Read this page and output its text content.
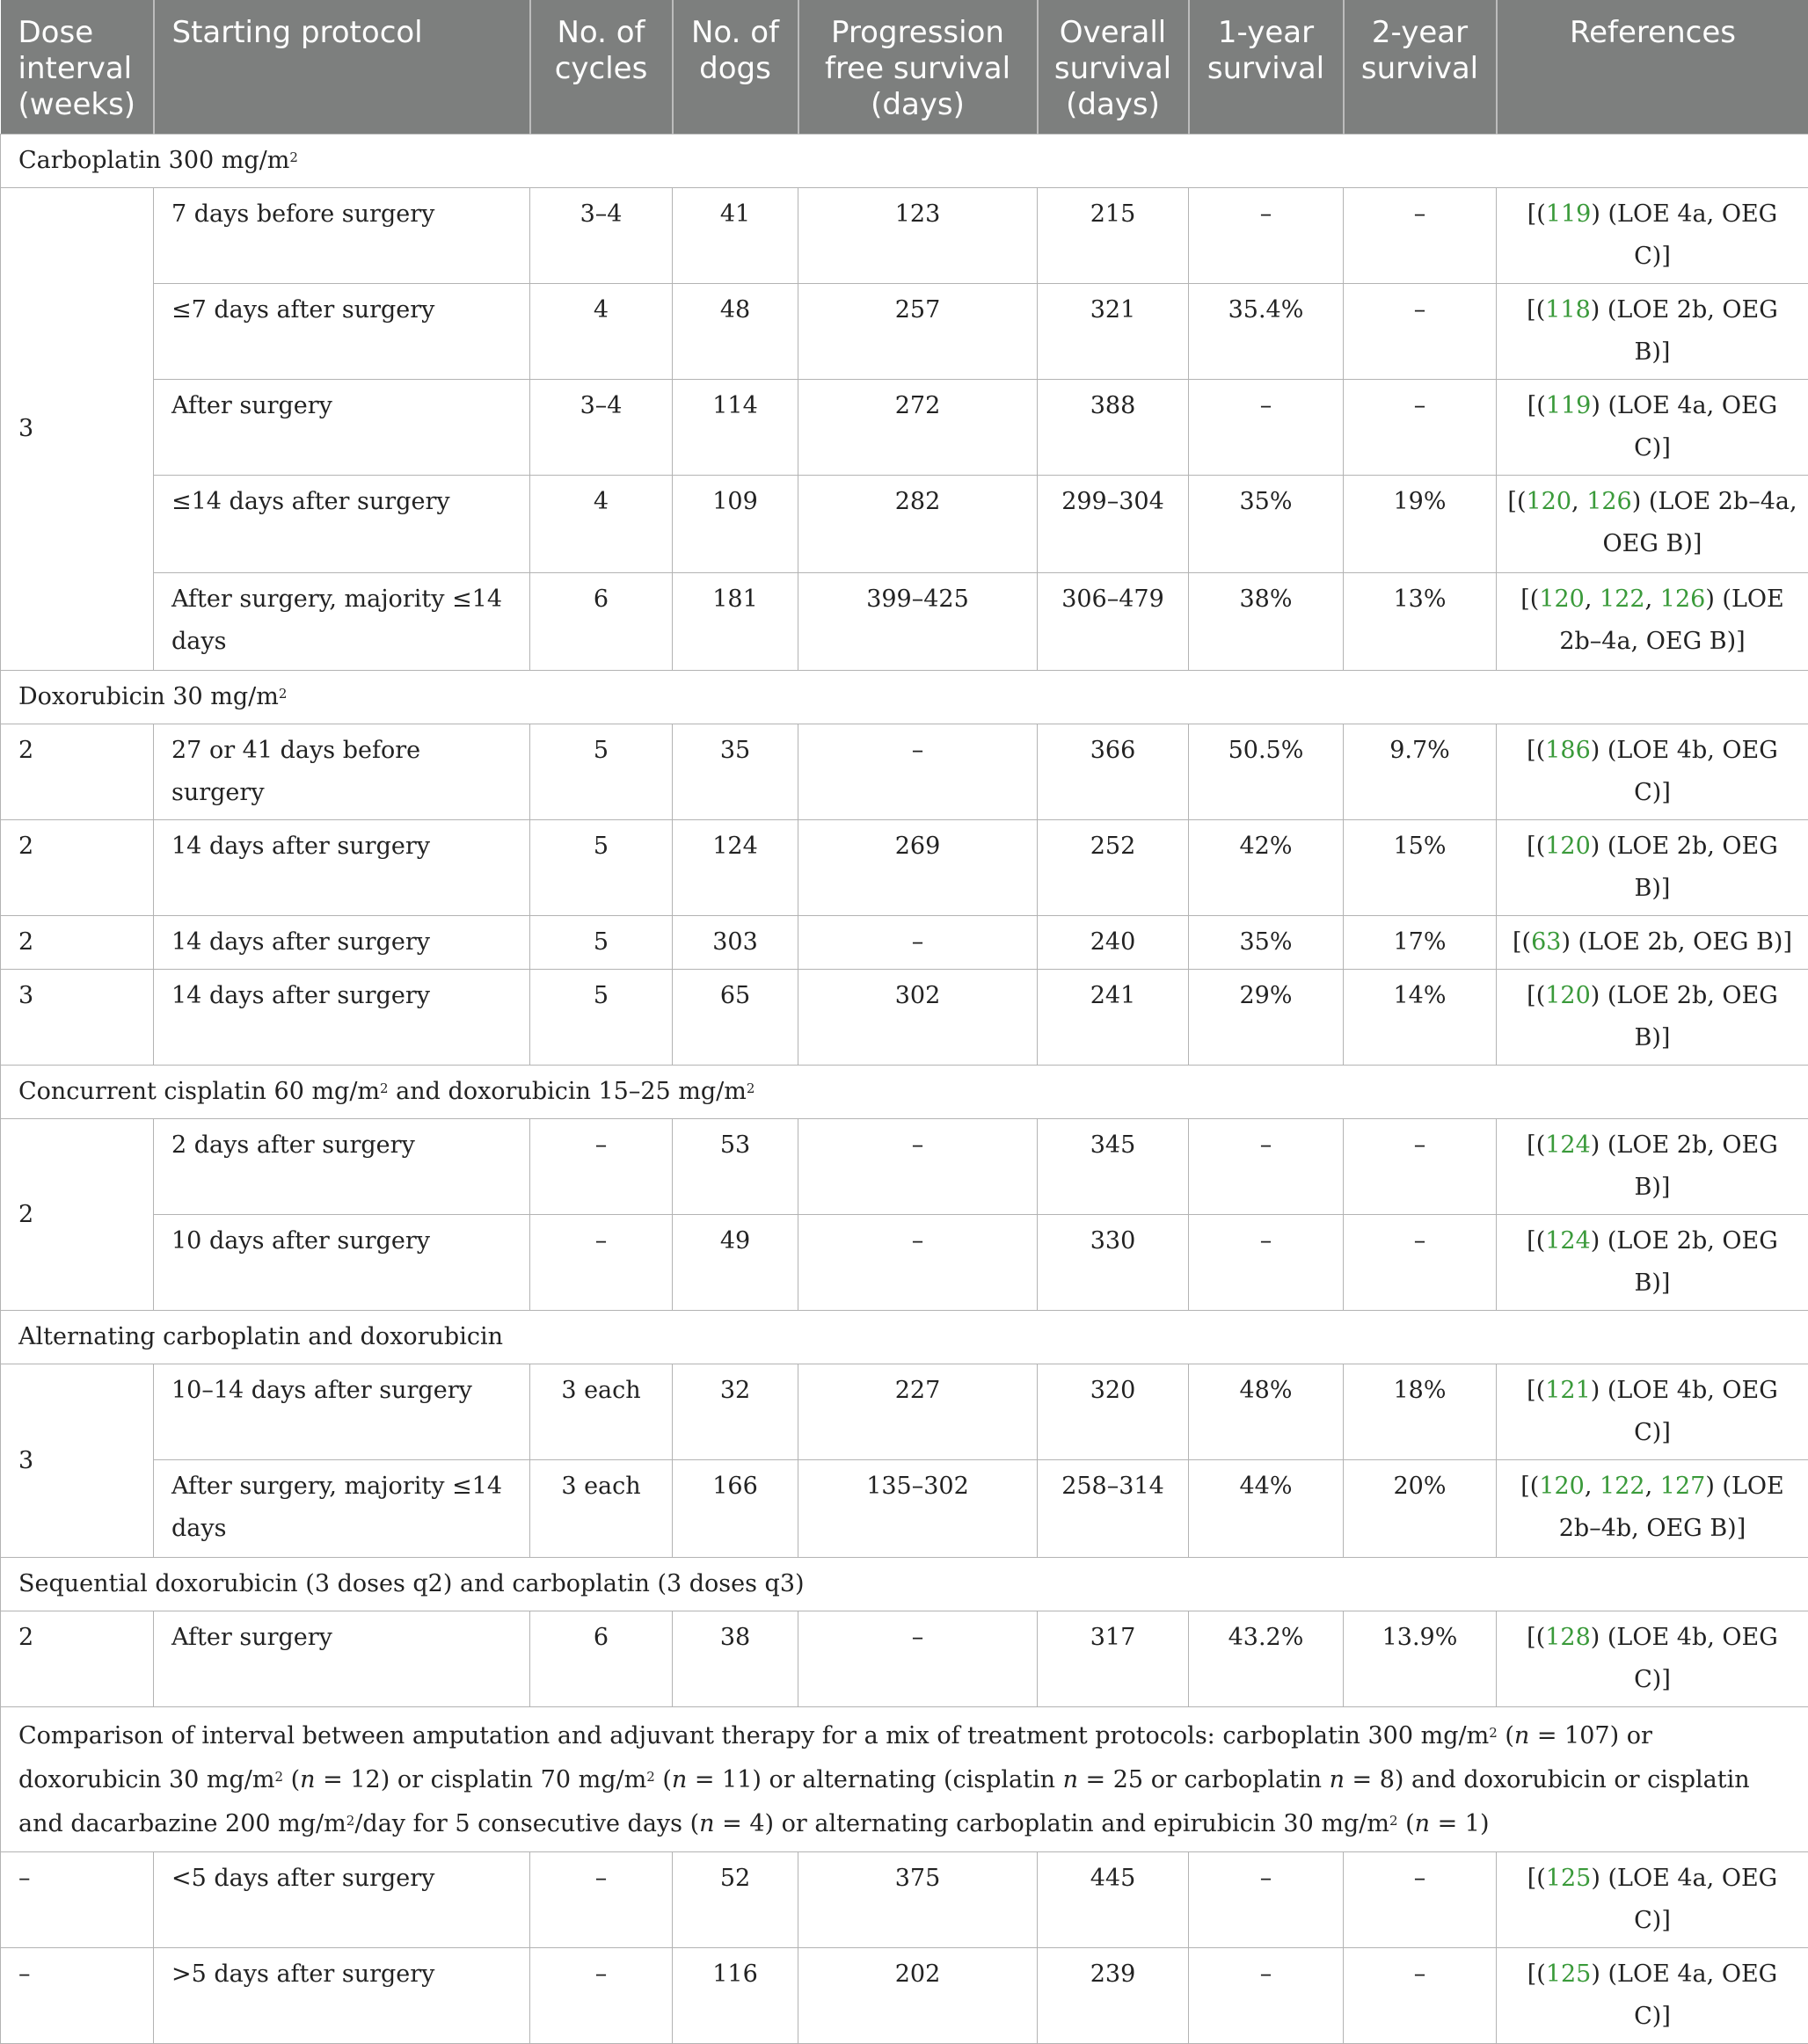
Dose interval (weeks)	Starting protocol	No. of cycles	No. of dogs	Progression free survival (days)	Overall survival (days)	1-year survival	2-year survival	References
Carboplatin 300 $mg/m^2$
3	7 days before surgery	3–4	41	123	215	–	–	[(119) (LOE 4a, OEG C)]
	≤7 days after surgery	4	48	257	321	35.4%	–	[(118) (LOE 2b, OEG B)]
	After surgery	3–4	114	272	388	–	–	[(119) (LOE 4a, OEG C)]
	≤14 days after surgery	4	109	282	299–304	35%	19%	[(120, 126) (LOE 2b–4a, OEG B)]
	After surgery, majority ≤14 days	6	181	399–425	306–479	38%	13%	[(120, 122, 126) (LOE 2b–4a, OEG B)]
Doxorubicin 30 $mg/m^2$
2	27 or 41 days before surgery	5	35	–	366	50.5%	9.7%	[(186) (LOE 4b, OEG C)]
2	14 days after surgery	5	124	269	252	42%	15%	[(120) (LOE 2b, OEG B)]
2	14 days after surgery	5	303	–	240	35%	17%	[(63) (LOE 2b, OEG B)]
3	14 days after surgery	5	65	302	241	29%	14%	[(120) (LOE 2b, OEG B)]
Concurrent cisplatin 60 $mg/m^2$ and doxorubicin 15–25 $mg/m^2$
2	2 days after surgery	–	53	–	345	–	–	[(124) (LOE 2b, OEG B)]
	10 days after surgery	–	49	–	330	–	–	[(124) (LOE 2b, OEG B)]
Alternating carboplatin and doxorubicin								
3	10–14 days after surgery	3 each	32	227	320	48%	18%	[(121) (LOE 4b, OEG C)]
	After surgery, majority ≤14 days	3 each	166	135–302	258–314	44%	20%	[(120, 122, 127) (LOE 2b–4b, OEG B)]
Sequential doxorubicin (3 doses q2) and carboplatin (3 doses q3)								
2	After surgery	6	38	–	317	43.2%	13.9%	[(128) (LOE 4b, OEG C)]
Comparison of interval between amputation and adjuvant therapy for a mix of treatment protocols: carboplatin 300 $mg/m^2$ (n = 107) or doxorubicin 30 $mg/m^2$ (n = 12) or cisplatin 70 $mg/m^2$ (n = 11) or alternating (cisplatin n = 25 or carboplatin n = 8) and doxorubicin or cisplatin and dacarbazine 200 $mg/m^2$/day for 5 consecutive days (n = 4) or alternating carboplatin and epirubicin 30 $mg/m^2$ (n = 1)								
–	<5 days after surgery	–	52	375	445	–	–	[(125) (LOE 4a, OEG C)]
–	>5 days after surgery	–	116	202	239	–	–	[(125) (LOE 4a, OEG C)]
